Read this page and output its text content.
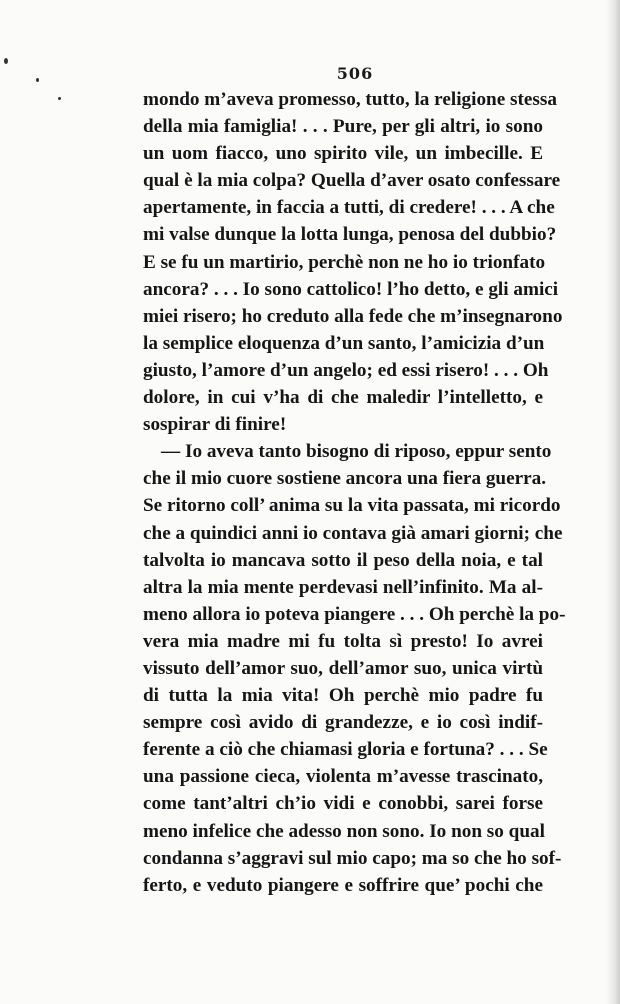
506
mondo m’aveva promesso, tutto, la religione stessa
della mia famiglia! . . . Pure, per gli altri, io sono
un uom fiacco, uno spirito vile, un imbecille. E
qual è la mia colpa? Quella d’aver osato confessare
apertamente, in faccia a tutti, di credere! . . . A che
mi valse dunque la lotta lunga, penosa del dubbio?
E se fu un martirio, perchè non ne ho io trionfato
ancora? . . . Io sono cattolico! l’ho detto, e gli amici
miei risero; ho creduto alla fede che m’insegnarono
la semplice eloquenza d’un santo, l’amicizia d’un
giusto, l’amore d’un angelo; ed essi risero! . . . Oh
dolore, in cui v’ha di che maledir l’intelletto, e
sospirar di finire!
— Io aveva tanto bisogno di riposo, eppur sento
che il mio cuore sostiene ancora una fiera guerra.
Se ritorno coll’ anima su la vita passata, mi ricordo
che a quindici anni io contava già amari giorni; che
talvolta io mancava sotto il peso della noia, e tal
altra la mia mente perdevasi nell’infinito. Ma al-
meno allora io poteva piangere . . . Oh perchè la po-
vera mia madre mi fu tolta sì presto! Io avrei
vissuto dell’amor suo, dell’amor suo, unica virtù
di tutta la mia vita! Oh perchè mio padre fu
sempre così avido di grandezze, e io così indif-
ferente a ciò che chiamasi gloria e fortuna? . . . Se
una passione cieca, violenta m’avesse trascinato,
come tant’altri ch’io vidi e conobbi, sarei forse
meno infelice che adesso non sono. Io non so qual
condanna s’aggravi sul mio capo; ma so che ho sof-
ferto, e veduto piangere e soffrire que’ pochi che
